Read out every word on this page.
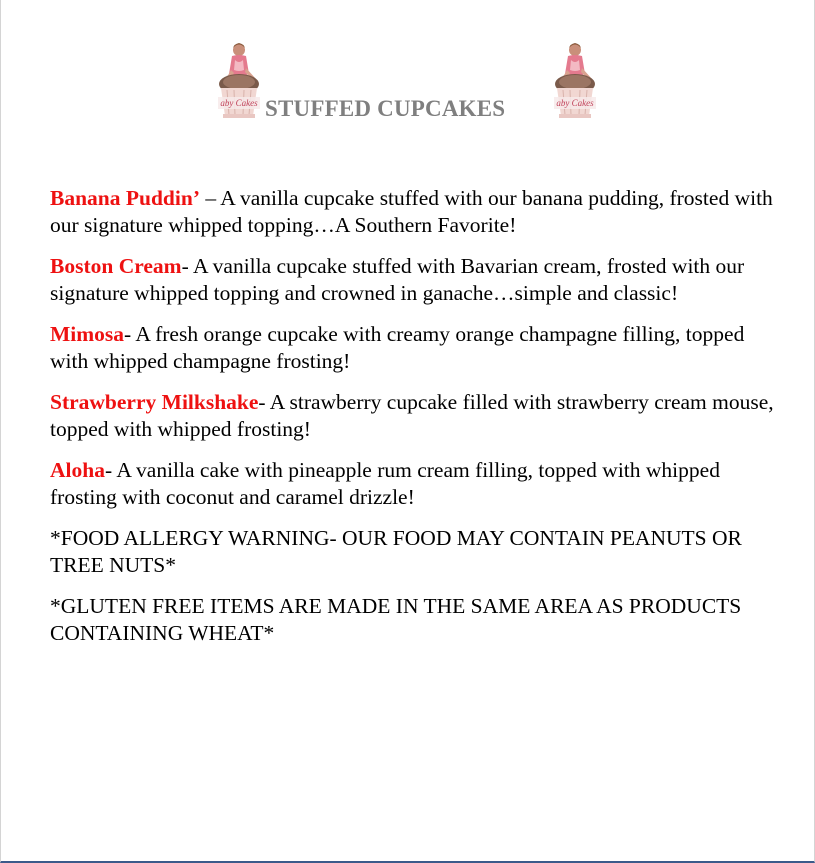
aby Cakes STUFFED CUPCAKES	aby Cakes

Banana Puddin’ – A vanilla cupcake stuffed with our banana pudding, frosted with our signature whipped topping…A Southern Favorite!

Boston Cream- A vanilla cupcake stuffed with Bavarian cream, frosted with our signature whipped topping and crowned in ganache…simple and classic!

Mimosa- A fresh orange cupcake with creamy orange champagne filling, topped with whipped champagne frosting!

Strawberry Milkshake- A strawberry cupcake filled with strawberry cream mouse, topped with whipped frosting!

Aloha- A vanilla cake with pineapple rum cream filling, topped with whipped frosting with coconut and caramel drizzle!

*FOOD ALLERGY WARNING- OUR FOOD MAY CONTAIN PEANUTS OR TREE NUTS*

*GLUTEN FREE ITEMS ARE MADE IN THE SAME AREA AS PRODUCTS CONTAINING WHEAT*
